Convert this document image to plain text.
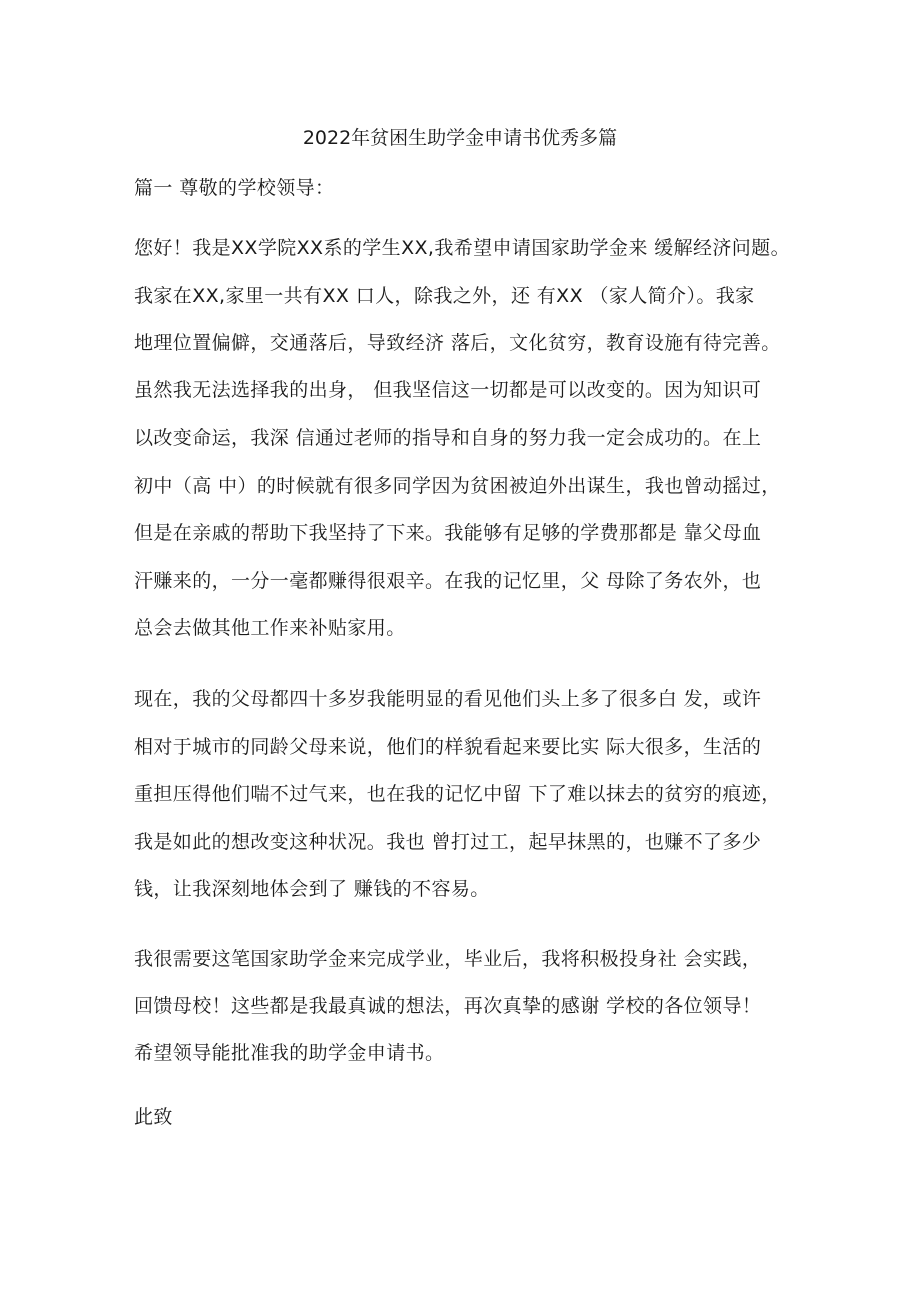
2022年贫困生助学金申请书优秀多篇
篇一 尊敬的学校领导：
您好！我是XX学院XX系的学生XX,我希望申请国家助学金来 缓解经济问题。
我家在XX,家里一共有XX 口人，除我之外，还 有XX （家人简介）。我家
地理位置偏僻，交通落后，导致经济 落后，文化贫穷，教育设施有待完善。
虽然我无法选择我的出身， 但我坚信这一切都是可以改变的。因为知识可
以改变命运，我深 信通过老师的指导和自身的努力我一定会成功的。在上
初中（高 中）的时候就有很多同学因为贫困被迫外出谋生，我也曾动摇过，
但是在亲戚的帮助下我坚持了下来。我能够有足够的学费那都是 靠父母血
汗赚来的，一分一毫都赚得很艰辛。在我的记忆里，父 母除了务农外，也
总会去做其他工作来补贴家用。
现在，我的父母都四十多岁我能明显的看见他们头上多了很多白 发，或许
相对于城市的同龄父母来说，他们的样貌看起来要比实 际大很多，生活的
重担压得他们喘不过气来，也在我的记忆中留 下了难以抹去的贫穷的痕迹，
我是如此的想改变这种状况。我也 曾打过工，起早抹黑的，也赚不了多少
钱，让我深刻地体会到了 赚钱的不容易。
我很需要这笔国家助学金来完成学业，毕业后，我将积极投身社 会实践，
回馈母校！这些都是我最真诚的想法，再次真挚的感谢 学校的各位领导！
希望领导能批准我的助学金申请书。
此致
